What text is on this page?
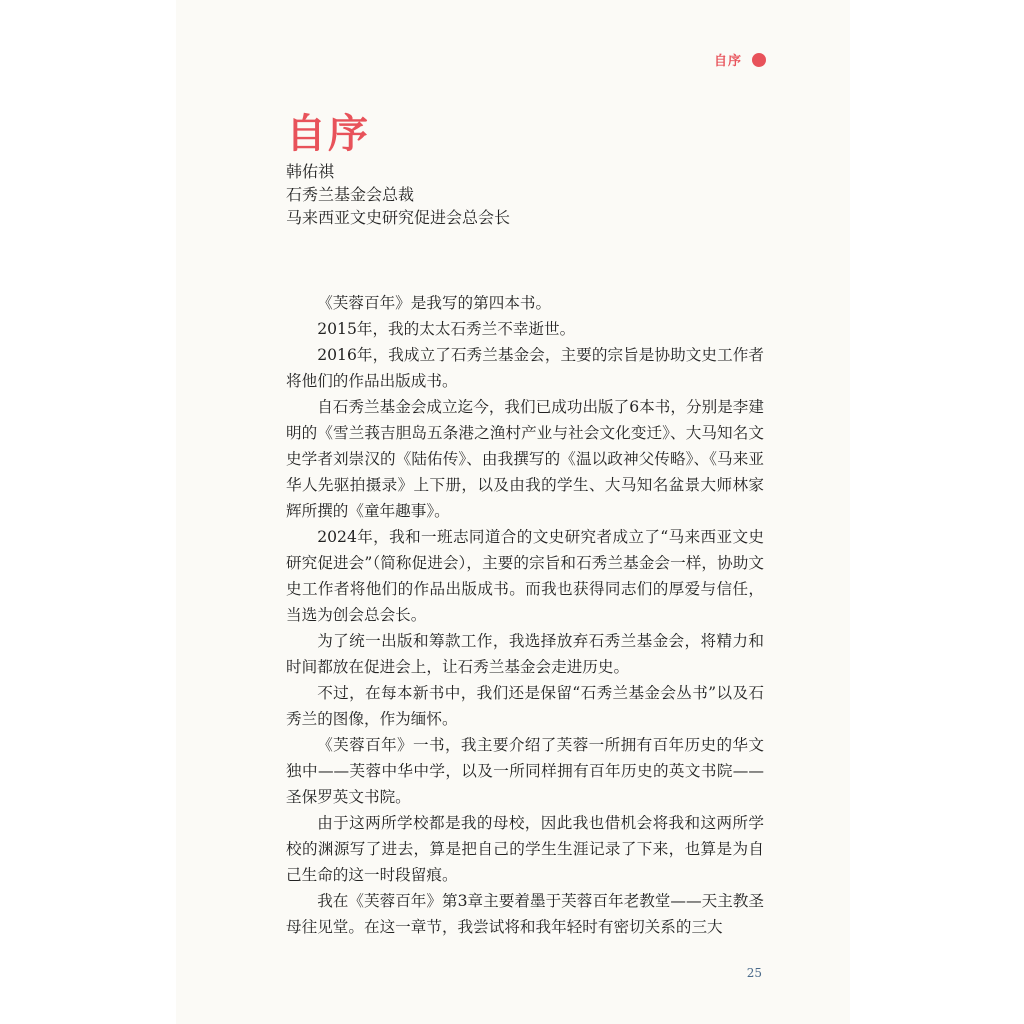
自序
自序
韩佑祺
石秀兰基金会总裁
马来西亚文史研究促进会总会长

《芙蓉百年》是我写的第四本书。

2015年，我的太太石秀兰不幸逝世。

2016年，我成立了石秀兰基金会，主要的宗旨是协助文史工作者将他们的作品出版成书。

自石秀兰基金会成立迄今，我们已成功出版了6本书，分别是李建明的《雪兰莪吉胆岛五条港之渔村产业与社会文化变迁》、大马知名文史学者刘崇汉的《陆佑传》、由我撰写的《温以政神父传略》、《马来亚华人先驱拍摄录》上下册，以及由我的学生、大马知名盆景大师林家辉所撰的《童年趣事》。

2024年，我和一班志同道合的文史研究者成立了“马来西亚文史研究促进会”（简称促进会），主要的宗旨和石秀兰基金会一样，协助文史工作者将他们的作品出版成书。而我也获得同志们的厚爱与信任，当选为创会总会长。

为了统一出版和筹款工作，我选择放弃石秀兰基金会，将精力和时间都放在促进会上，让石秀兰基金会走进历史。

不过，在每本新书中，我们还是保留“石秀兰基金会丛书”以及石秀兰的图像，作为缅怀。

《芙蓉百年》一书，我主要介绍了芙蓉一所拥有百年历史的华文独中——芙蓉中华中学，以及一所同样拥有百年历史的英文书院——圣保罗英文书院。

由于这两所学校都是我的母校，因此我也借机会将我和这两所学校的渊源写了进去，算是把自己的学生生涯记录了下来，也算是为自己生命的这一时段留痕。

我在《芙蓉百年》第3章主要着墨于芙蓉百年老教堂——天主教圣母往见堂。在这一章节，我尝试将和我年轻时有密切关系的三大

25
